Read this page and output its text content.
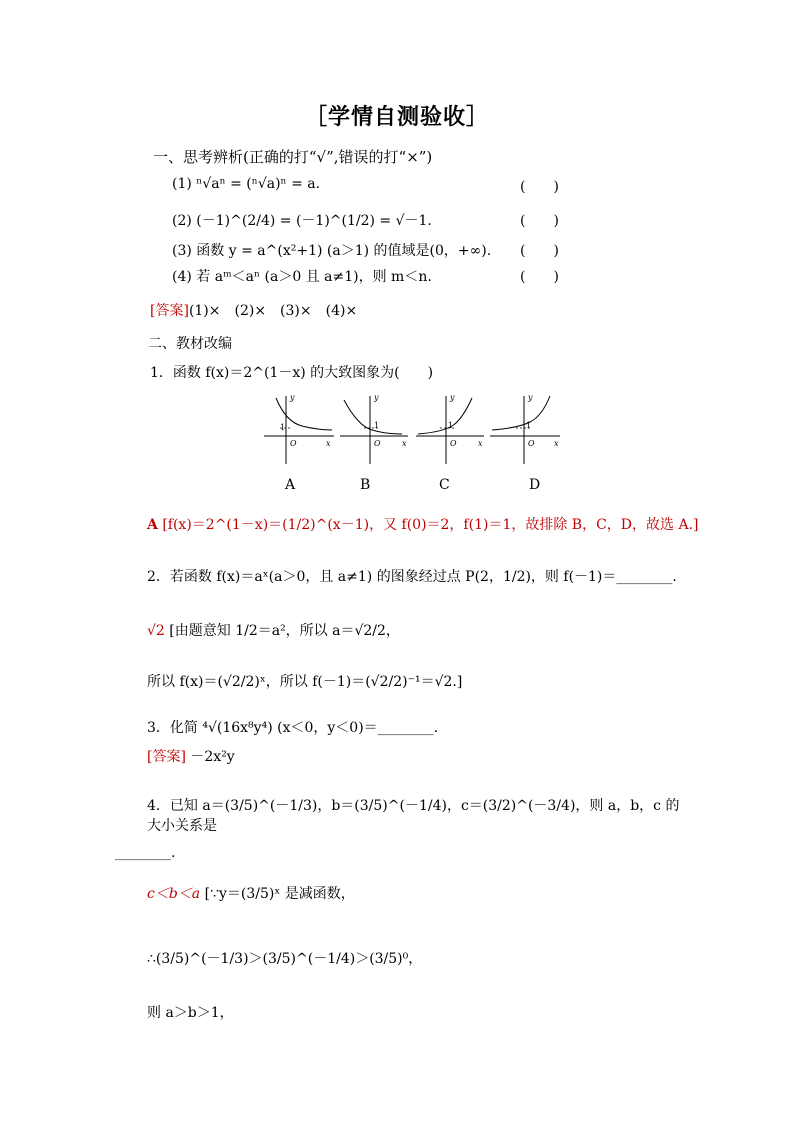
［学情自测验收］
一、思考辨析(正确的打“√”,错误的打“×”)
(1) ⁿ√aⁿ = (ⁿ√a)ⁿ = a.	(　　)
(2) (－1)^(2/4) = (－1)^(1/2) = √－1.	(　　)
(3) 函数 y = a^(x²+1) (a＞1) 的值域是(0，+∞). (　　)
(4) 若 aᵐ＜aⁿ (a＞0 且 a≠1)，则 m＜n.	(　　)
[答案](1)×　(2)×　(3)×　(4)×
二、教材改编
1．函数 f(x)＝2^(1－x) 的大致图象为(　　)
y
x
1
O
y
x
1
O
y
x
1
O
y
x
1
O
A	B	C	D
A [f(x)＝2^(1－x)＝(1/2)^(x－1)，又 f(0)＝2，f(1)＝1，故排除 B，C，D，故选 A.]
2．若函数 f(x)＝aˣ(a＞0，且 a≠1) 的图象经过点 P(2，1/2)，则 f(－1)＝________.
√2 [由题意知 1/2＝a²，所以 a＝√2/2，
所以 f(x)＝(√2/2)ˣ，所以 f(－1)＝(√2/2)⁻¹＝√2.]
3．化简 ⁴√(16x⁸y⁴) (x＜0，y＜0)＝________.
[答案] －2x²y
4．已知 a＝(3/5)^(－1/3)，b＝(3/5)^(－1/4)，c＝(3/2)^(－3/4)，则 a，b，c 的大小关系是
________.
c＜b＜a [∵y＝(3/5)ˣ 是减函数，
∴(3/5)^(－1/3)＞(3/5)^(－1/4)＞(3/5)⁰，
则 a＞b＞1，
